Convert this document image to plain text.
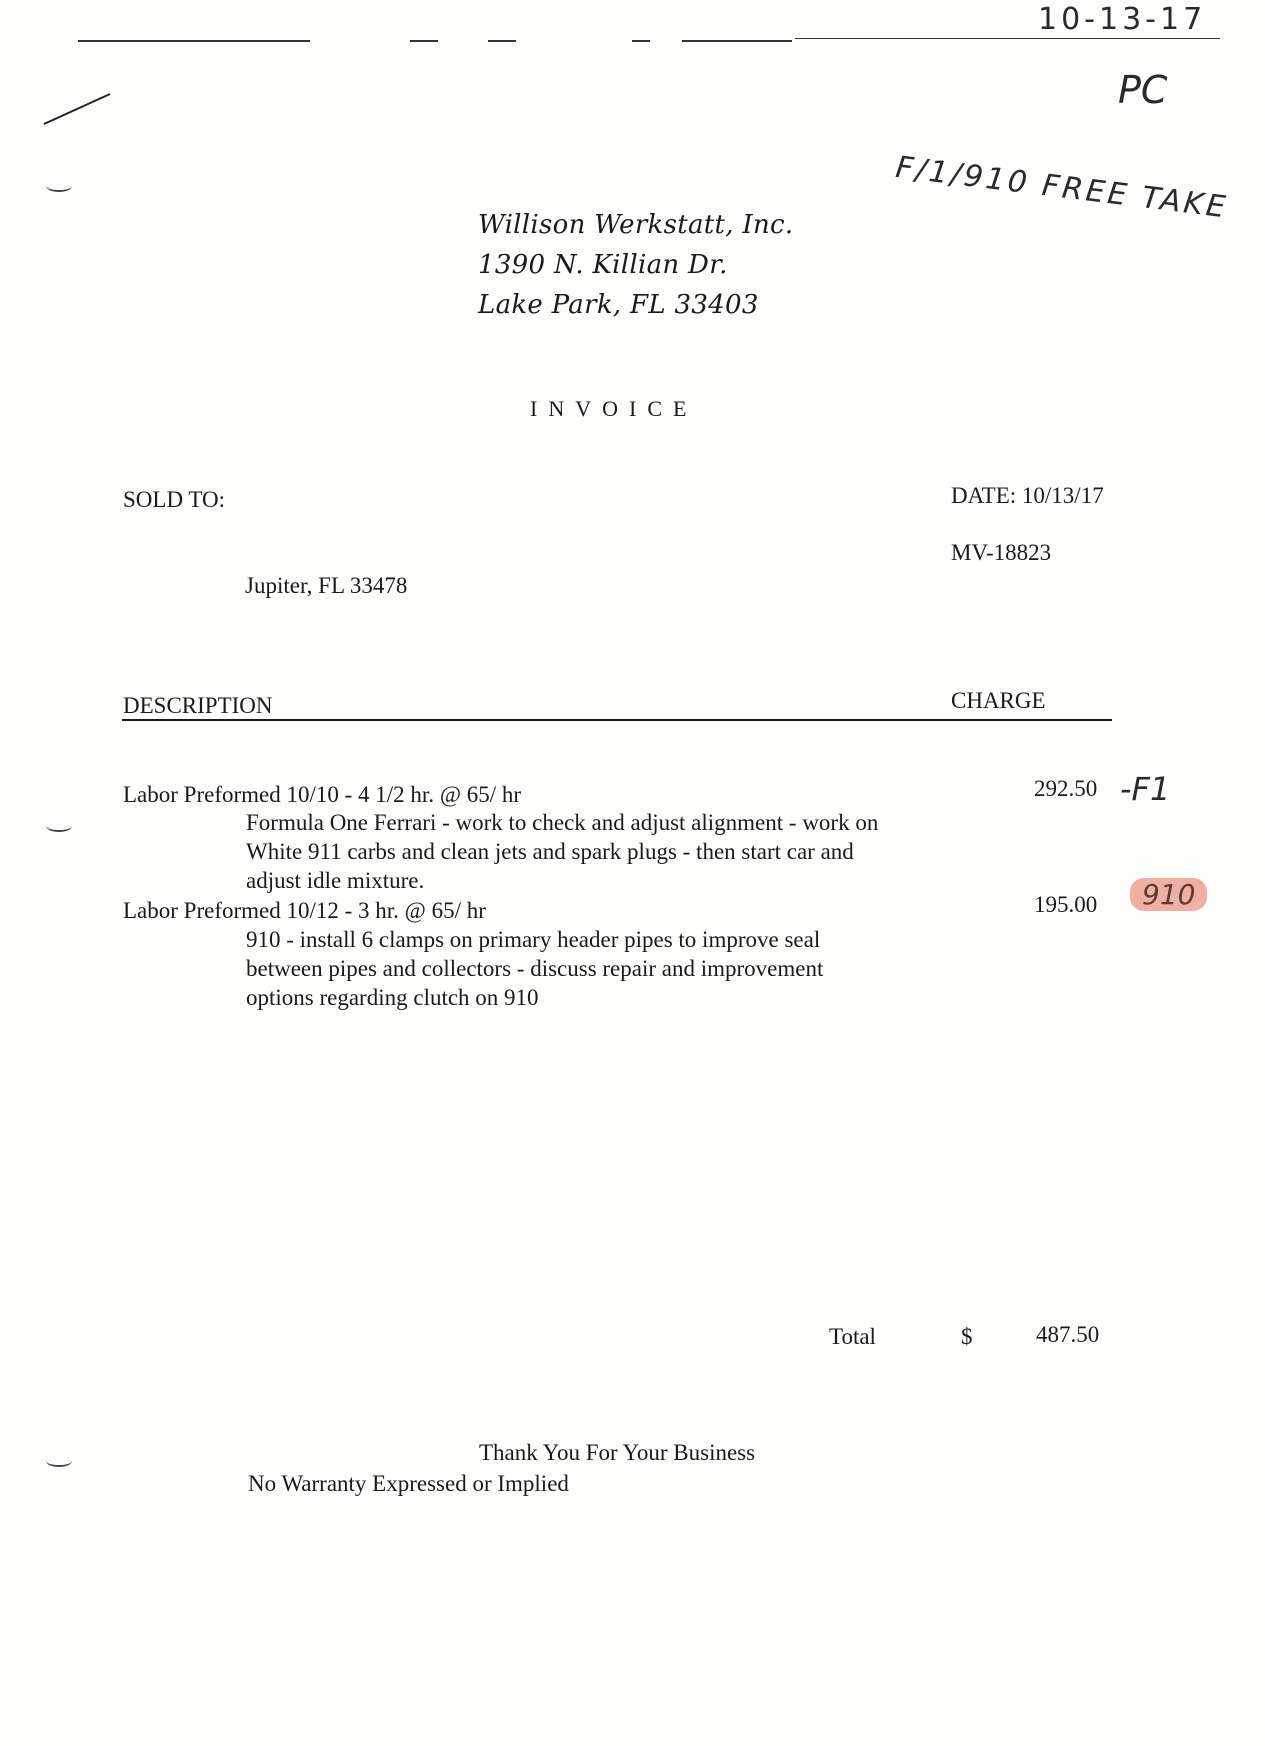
10-13-17
PC
F/1/910 FREE TAKE
Willison Werkstatt, Inc.
1390 N. Killian Dr.
Lake Park, FL 33403
INVOICE
SOLD TO:
Jupiter, FL 33478
DATE: 10/13/17
MV-18823
DESCRIPTION	CHARGE
Labor Preformed 10/10 - 4 1/2 hr. @ 65/ hr
Formula One Ferrari - work to check and adjust alignment - work on
White 911 carbs and clean jets and spark plugs - then start car and
adjust idle mixture.
292.50 -F1
Labor Preformed 10/12 - 3 hr. @ 65/ hr
910 - install 6 clamps on primary header pipes to improve seal
between pipes and collectors - discuss repair and improvement
options regarding clutch on 910
195.00	910
Total	$	487.50
Thank You For Your Business
No Warranty Expressed or Implied
